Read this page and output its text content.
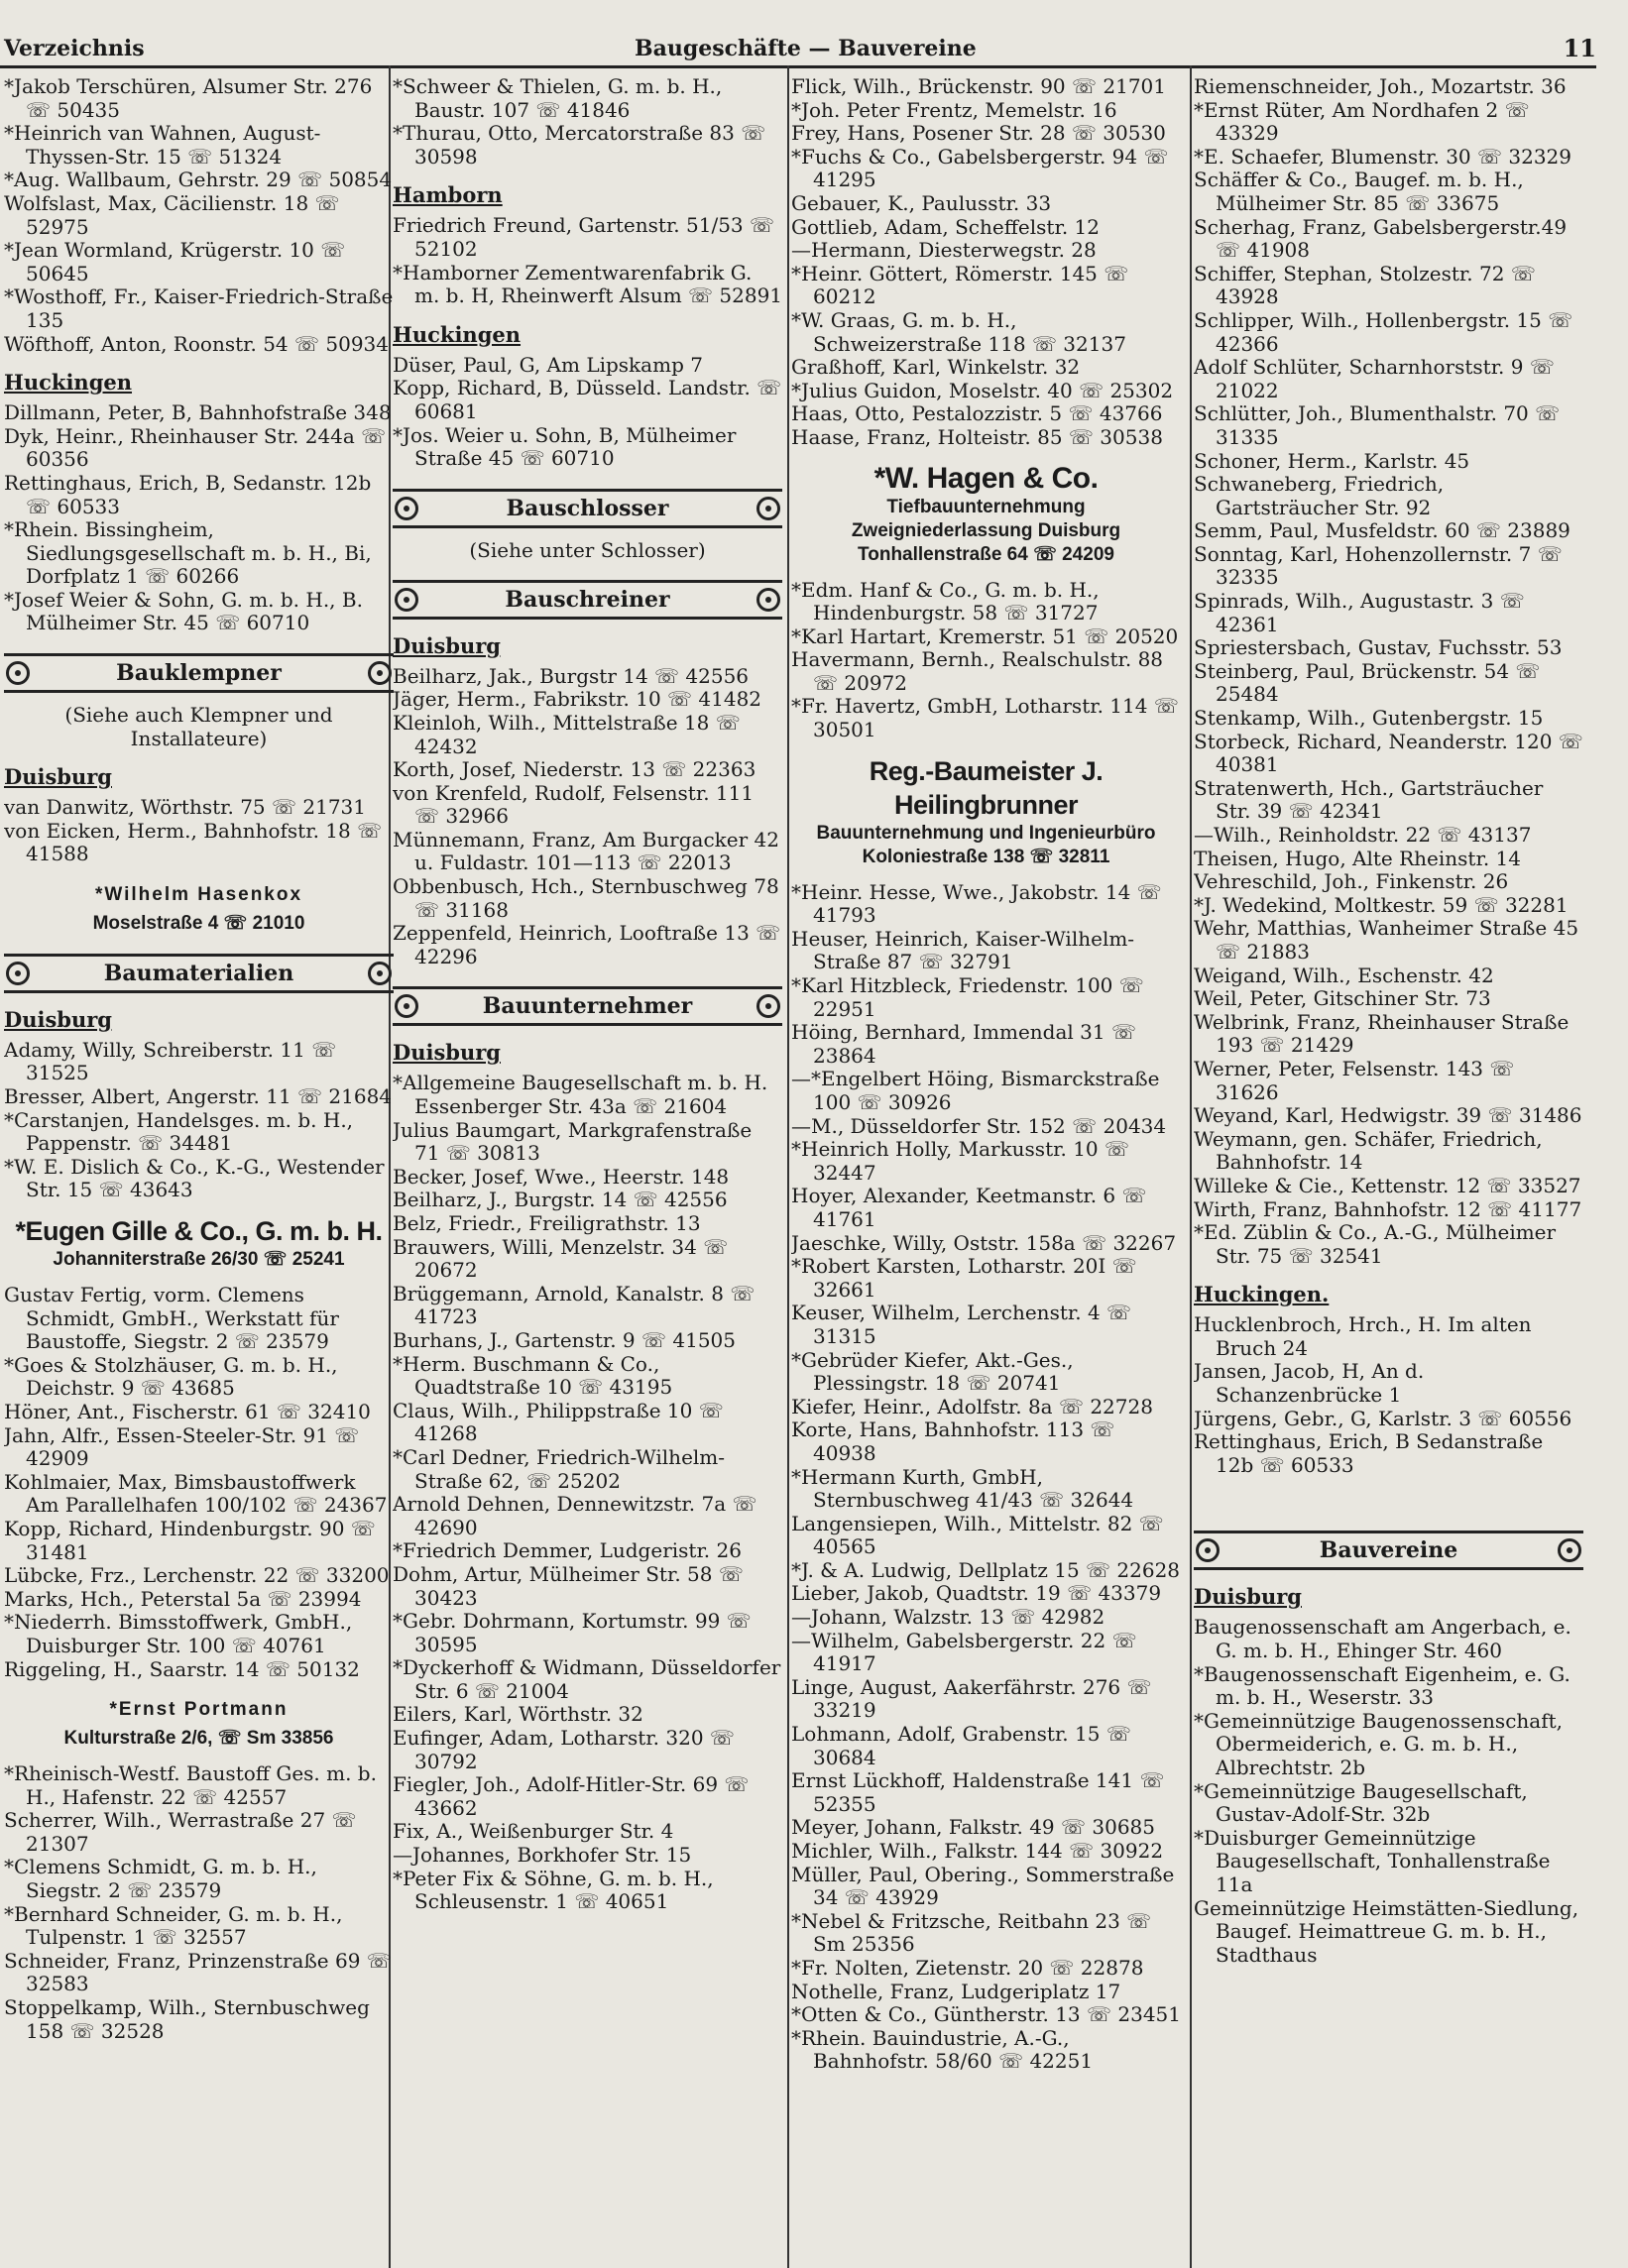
Verzeichnis	Baugeschäfte — Bauvereine	11

*Jakob Terschüren, Alsumer Str. 276 ☏ 50435

*Heinrich van Wahnen, August-Thyssen-Str. 15 ☏ 51324

*Aug. Wallbaum, Gehrstr. 29 ☏ 50854

Wolfslast, Max, Cäcilienstr. 18 ☏ 52975

*Jean Wormland, Krügerstr. 10 ☏ 50645

*Wosthoff, Fr., Kaiser-Friedrich-Straße 135

Wöfthoff, Anton, Roonstr. 54 ☏ 50934

Huckingen

Dillmann, Peter, B, Bahnhofstraße 348

Dyk, Heinr., Rheinhauser Str. 244a ☏ 60356

Rettinghaus, Erich, B, Sedanstr. 12b ☏ 60533

*Rhein. Bissingheim, Siedlungsgesellschaft m. b. H., Bi, Dorfplatz 1 ☏ 60266

*Josef Weier & Sohn, G. m. b. H., B. Mülheimer Str. 45 ☏ 60710

Bauklempner
(Siehe auch Klempner und Installateure)
Duisburg

van Danwitz, Wörthstr. 75 ☏ 21731

von Eicken, Herm., Bahnhofstr. 18 ☏ 41588

*Wilhelm Hasenkox
Moselstraße 4 ☏ 21010
Baumaterialien
Duisburg

Adamy, Willy, Schreiberstr. 11 ☏ 31525

Bresser, Albert, Angerstr. 11 ☏ 21684

*Carstanjen, Handelsges. m. b. H., Pappenstr. ☏ 34481

*W. E. Dislich & Co., K.-G., Westender Str. 15 ☏ 43643

*Eugen Gille & Co., G. m. b. H.
Johanniterstraße 26/30 ☏ 25241

Gustav Fertig, vorm. Clemens Schmidt, GmbH., Werkstatt für Baustoffe, Siegstr. 2 ☏ 23579

*Goes & Stolzhäuser, G. m. b. H., Deichstr. 9 ☏ 43685

Höner, Ant., Fischerstr. 61 ☏ 32410

Jahn, Alfr., Essen-Steeler-Str. 91 ☏ 42909

Kohlmaier, Max, Bimsbaustoffwerk Am Parallelhafen 100/102 ☏ 24367

Kopp, Richard, Hindenburgstr. 90 ☏ 31481

Lübcke, Frz., Lerchenstr. 22 ☏ 33200

Marks, Hch., Peterstal 5a ☏ 23994

*Niederrh. Bimsstoffwerk, GmbH., Duisburger Str. 100 ☏ 40761

Riggeling, H., Saarstr. 14 ☏ 50132

*Ernst Portmann
Kulturstraße 2/6, ☏ Sm 33856

*Rheinisch-Westf. Baustoff Ges. m. b. H., Hafenstr. 22 ☏ 42557

Scherrer, Wilh., Werrastraße 27 ☏ 21307

*Clemens Schmidt, G. m. b. H., Siegstr. 2 ☏ 23579

*Bernhard Schneider, G. m. b. H., Tulpenstr. 1 ☏ 32557

Schneider, Franz, Prinzenstraße 69 ☏ 32583

Stoppelkamp, Wilh., Sternbuschweg 158 ☏ 32528

*Schweer & Thielen, G. m. b. H., Baustr. 107 ☏ 41846

*Thurau, Otto, Mercatorstraße 83 ☏ 30598

Hamborn

Friedrich Freund, Gartenstr. 51/53 ☏ 52102

*Hamborner Zementwarenfabrik G. m. b. H, Rheinwerft Alsum ☏ 52891

Huckingen

Düser, Paul, G, Am Lipskamp 7

Kopp, Richard, B, Düsseld. Landstr. ☏ 60681

*Jos. Weier u. Sohn, B, Mülheimer Straße 45 ☏ 60710

Bauschlosser
(Siehe unter Schlosser)
Bauschreiner
Duisburg

Beilharz, Jak., Burgstr 14 ☏ 42556

Jäger, Herm., Fabrikstr. 10 ☏ 41482

Kleinloh, Wilh., Mittelstraße 18 ☏ 42432

Korth, Josef, Niederstr. 13 ☏ 22363

von Krenfeld, Rudolf, Felsenstr. 111 ☏ 32966

Münnemann, Franz, Am Burgacker 42 u. Fuldastr. 101—113 ☏ 22013

Obbenbusch, Hch., Sternbuschweg 78 ☏ 31168

Zeppenfeld, Heinrich, Looftraße 13 ☏ 42296

Bauunternehmer
Duisburg

*Allgemeine Baugesellschaft m. b. H. Essenberger Str. 43a ☏ 21604

Julius Baumgart, Markgrafenstraße 71 ☏ 30813

Becker, Josef, Wwe., Heerstr. 148

Beilharz, J., Burgstr. 14 ☏ 42556

Belz, Friedr., Freiligrathstr. 13

Brauwers, Willi, Menzelstr. 34 ☏ 20672

Brüggemann, Arnold, Kanalstr. 8 ☏ 41723

Burhans, J., Gartenstr. 9 ☏ 41505

*Herm. Buschmann & Co., Quadtstraße 10 ☏ 43195

Claus, Wilh., Philippstraße 10 ☏ 41268

*Carl Dedner, Friedrich-Wilhelm-Straße 62, ☏ 25202

Arnold Dehnen, Dennewitzstr. 7a ☏ 42690

*Friedrich Demmer, Ludgeristr. 26

Dohm, Artur, Mülheimer Str. 58 ☏ 30423

*Gebr. Dohrmann, Kortumstr. 99 ☏ 30595

*Dyckerhoff & Widmann, Düsseldorfer Str. 6 ☏ 21004

Eilers, Karl, Wörthstr. 32

Eufinger, Adam, Lotharstr. 320 ☏ 30792

Fiegler, Joh., Adolf-Hitler-Str. 69 ☏ 43662

Fix, A., Weißenburger Str. 4

—Johannes, Borkhofer Str. 15

*Peter Fix & Söhne, G. m. b. H., Schleusenstr. 1 ☏ 40651

Flick, Wilh., Brückenstr. 90 ☏ 21701

*Joh. Peter Frentz, Memelstr. 16

Frey, Hans, Posener Str. 28 ☏ 30530

*Fuchs & Co., Gabelsbergerstr. 94 ☏ 41295

Gebauer, K., Paulusstr. 33

Gottlieb, Adam, Scheffelstr. 12

—Hermann, Diesterwegstr. 28

*Heinr. Göttert, Römerstr. 145 ☏ 60212

*W. Graas, G. m. b. H., Schweizerstraße 118 ☏ 32137

Graßhoff, Karl, Winkelstr. 32

*Julius Guidon, Moselstr. 40 ☏ 25302

Haas, Otto, Pestalozzistr. 5 ☏ 43766

Haase, Franz, Holteistr. 85 ☏ 30538

*W. Hagen & Co.
Tiefbauunternehmung
Zweigniederlassung Duisburg
Tonhallenstraße 64 ☏ 24209

*Edm. Hanf & Co., G. m. b. H., Hindenburgstr. 58 ☏ 31727

*Karl Hartart, Kremerstr. 51 ☏ 20520

Havermann, Bernh., Realschulstr. 88 ☏ 20972

*Fr. Havertz, GmbH, Lotharstr. 114 ☏ 30501

Reg.-Baumeister J. Heilingbrunner
Bauunternehmung und Ingenieurbüro
Koloniestraße 138 ☏ 32811

*Heinr. Hesse, Wwe., Jakobstr. 14 ☏ 41793

Heuser, Heinrich, Kaiser-Wilhelm-Straße 87 ☏ 32791

*Karl Hitzbleck, Friedenstr. 100 ☏ 22951

Höing, Bernhard, Immendal 31 ☏ 23864

—*Engelbert Höing, Bismarckstraße 100 ☏ 30926

—M., Düsseldorfer Str. 152 ☏ 20434

*Heinrich Holly, Markusstr. 10 ☏ 32447

Hoyer, Alexander, Keetmanstr. 6 ☏ 41761

Jaeschke, Willy, Oststr. 158a ☏ 32267

*Robert Karsten, Lotharstr. 20I ☏ 32661

Keuser, Wilhelm, Lerchenstr. 4 ☏ 31315

*Gebrüder Kiefer, Akt.-Ges., Plessingstr. 18 ☏ 20741

Kiefer, Heinr., Adolfstr. 8a ☏ 22728

Korte, Hans, Bahnhofstr. 113 ☏ 40938

*Hermann Kurth, GmbH, Sternbuschweg 41/43 ☏ 32644

Langensiepen, Wilh., Mittelstr. 82 ☏ 40565

*J. & A. Ludwig, Dellplatz 15 ☏ 22628

Lieber, Jakob, Quadtstr. 19 ☏ 43379

—Johann, Walzstr. 13 ☏ 42982

—Wilhelm, Gabelsbergerstr. 22 ☏ 41917

Linge, August, Aakerfährstr. 276 ☏ 33219

Lohmann, Adolf, Grabenstr. 15 ☏ 30684

Ernst Lückhoff, Haldenstraße 141 ☏ 52355

Meyer, Johann, Falkstr. 49 ☏ 30685

Michler, Wilh., Falkstr. 144 ☏ 30922

Müller, Paul, Obering., Sommerstraße 34 ☏ 43929

*Nebel & Fritzsche, Reitbahn 23 ☏ Sm 25356

*Fr. Nolten, Zietenstr. 20 ☏ 22878

Nothelle, Franz, Ludgeriplatz 17

*Otten & Co., Güntherstr. 13 ☏ 23451

*Rhein. Bauindustrie, A.-G., Bahnhofstr. 58/60 ☏ 42251

Riemenschneider, Joh., Mozartstr. 36

*Ernst Rüter, Am Nordhafen 2 ☏ 43329

*E. Schaefer, Blumenstr. 30 ☏ 32329

Schäffer & Co., Baugef. m. b. H., Mülheimer Str. 85 ☏ 33675

Scherhag, Franz, Gabelsbergerstr.49 ☏ 41908

Schiffer, Stephan, Stolzestr. 72 ☏ 43928

Schlipper, Wilh., Hollenbergstr. 15 ☏ 42366

Adolf Schlüter, Scharnhorststr. 9 ☏ 21022

Schlütter, Joh., Blumenthalstr. 70 ☏ 31335

Schoner, Herm., Karlstr. 45

Schwaneberg, Friedrich, Gartsträucher Str. 92

Semm, Paul, Musfeldstr. 60 ☏ 23889

Sonntag, Karl, Hohenzollernstr. 7 ☏ 32335

Spinrads, Wilh., Augustastr. 3 ☏ 42361

Spriestersbach, Gustav, Fuchsstr. 53

Steinberg, Paul, Brückenstr. 54 ☏ 25484

Stenkamp, Wilh., Gutenbergstr. 15

Storbeck, Richard, Neanderstr. 120 ☏ 40381

Stratenwerth, Hch., Gartsträucher Str. 39 ☏ 42341

—Wilh., Reinholdstr. 22 ☏ 43137

Theisen, Hugo, Alte Rheinstr. 14

Vehreschild, Joh., Finkenstr. 26

*J. Wedekind, Moltkestr. 59 ☏ 32281

Wehr, Matthias, Wanheimer Straße 45 ☏ 21883

Weigand, Wilh., Eschenstr. 42

Weil, Peter, Gitschiner Str. 73

Welbrink, Franz, Rheinhauser Straße 193 ☏ 21429

Werner, Peter, Felsenstr. 143 ☏ 31626

Weyand, Karl, Hedwigstr. 39 ☏ 31486

Weymann, gen. Schäfer, Friedrich, Bahnhofstr. 14

Willeke & Cie., Kettenstr. 12 ☏ 33527

Wirth, Franz, Bahnhofstr. 12 ☏ 41177

*Ed. Züblin & Co., A.-G., Mülheimer Str. 75 ☏ 32541

Huckingen.

Hucklenbroch, Hrch., H. Im alten Bruch 24

Jansen, Jacob, H, An d. Schanzenbrücke 1

Jürgens, Gebr., G, Karlstr. 3 ☏ 60556

Rettinghaus, Erich, B Sedanstraße 12b ☏ 60533

Bauvereine
Duisburg

Baugenossenschaft am Angerbach, e. G. m. b. H., Ehinger Str. 460

*Baugenossenschaft Eigenheim, e. G. m. b. H., Weserstr. 33

*Gemeinnützige Baugenossenschaft, Obermeiderich, e. G. m. b. H., Albrechtstr. 2b

*Gemeinnützige Baugesellschaft, Gustav-Adolf-Str. 32b

*Duisburger Gemeinnützige Baugesellschaft, Tonhallenstraße 11a

Gemeinnützige Heimstätten-Siedlung, Baugef. Heimattreue G. m. b. H., Stadthaus
